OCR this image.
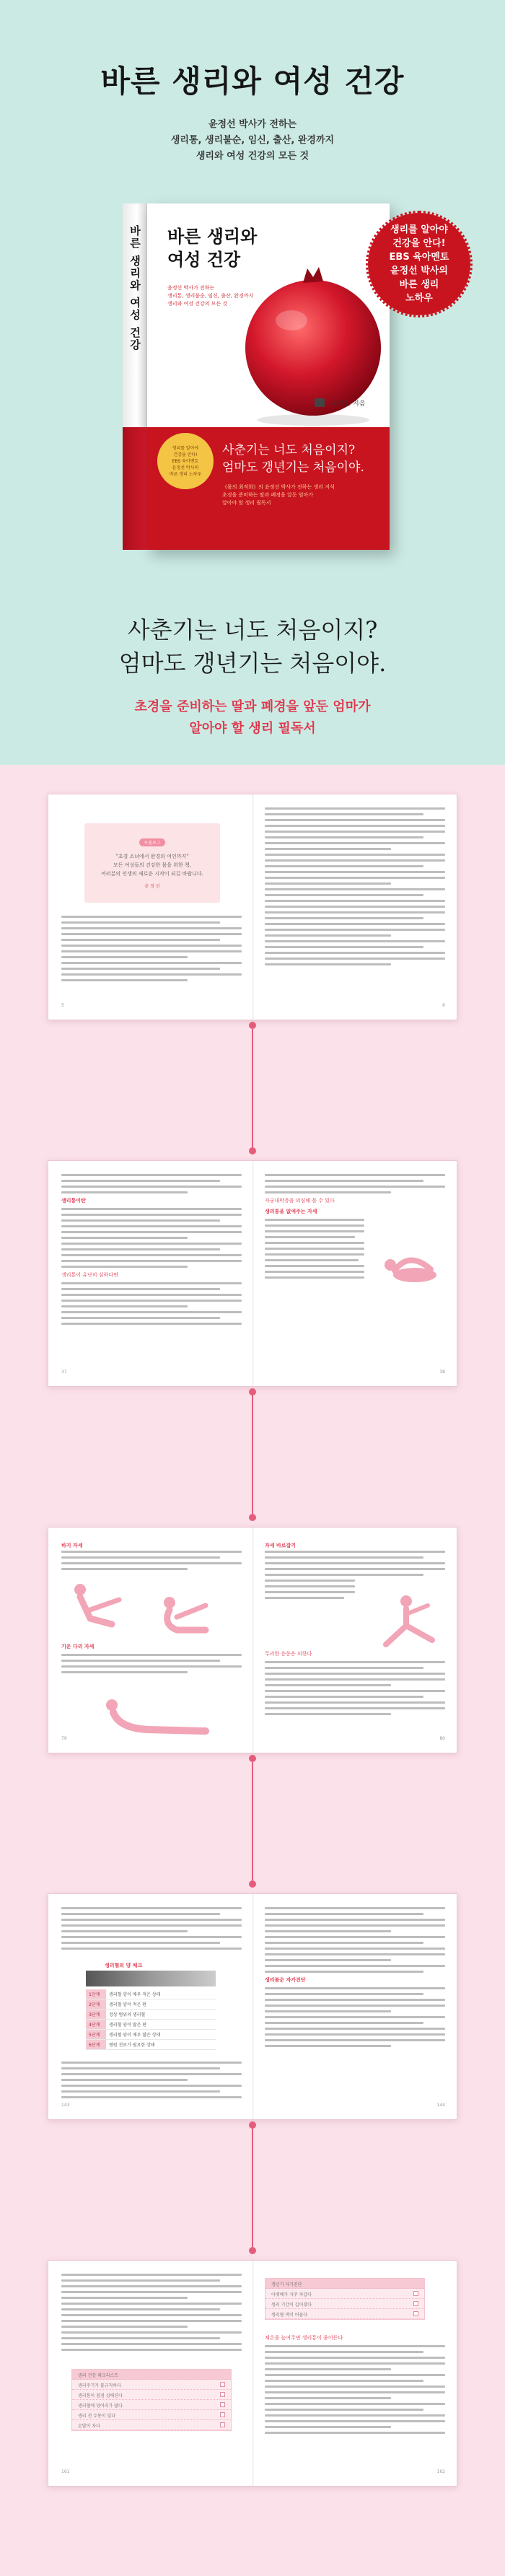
바른 생리와 여성 건강
윤정선 박사가 전하는
생리통, 생리불순, 임신, 출산, 완경까지
생리와 여성 건강의 모든 것
바른 생리와 여성 건강 바른 생리와
여성 건강
윤정선 박사가 전하는
생리통, 생리불순, 임신, 출산, 완경까지
생리와 여성 건강의 모든 것
생리를 알아야
건강을 안다!
EBS 육아멘토
윤정선 박사의
바른 생리 노하우
사춘기는 너도 처음이지?
엄마도 갱년기는 처음이야.
《몸의 최적화》의 윤정선 박사가 전하는 생리 지식
초경을 준비하는 딸과 폐경을 앞둔 엄마가
알아야 할 생리 필독서
윤정선 지음
생리를 알아야
건강을 안다!
EBS 육아멘토
윤정선 박사의
바른 생리
노하우
사춘기는 너도 처음이지?
엄마도 갱년기는 처음이야.
초경을 준비하는 딸과 폐경을 앞둔 엄마가
알아야 할 생리 필독서
프롤로그
"초경 소녀에서 완경의 여인까지"
모든 여성들의 건강한 몸을 위한 책,
여러분의 인생의 새로운 시작이 되길 바랍니다.
윤 정 선
5	6
생리통이란
생리통이 유난히 심하다면
37
자궁내막증을 의심해 볼 수 있다
생리통을 없애주는 자세
38
하지 자세
기운 다리 자세
79
자세 바로잡기
무리한 운동은 피한다
80
생리혈의 양 체크
1단계	생리혈 양이 매우 적은 상태
2단계	생리혈 양이 적은 편
3단계	정상 범위의 생리혈
4단계	생리혈 양이 많은 편
5단계	생리혈 양이 매우 많은 상태
6단계	병원 진료가 필요한 상태
143
생리불순 자가진단
144
생리 건강 체크리스트
생리주기가 불규칙하다
생리통이 점점 심해진다
생리혈에 덩어리가 많다
생리 전 두통이 있다
손발이 차다
161
갱년기 자가진단
아랫배가 자주 차갑다
생리 기간이 길어졌다
생리혈 색이 어둡다
체온을 높여주면 생리통이 줄어든다
162
